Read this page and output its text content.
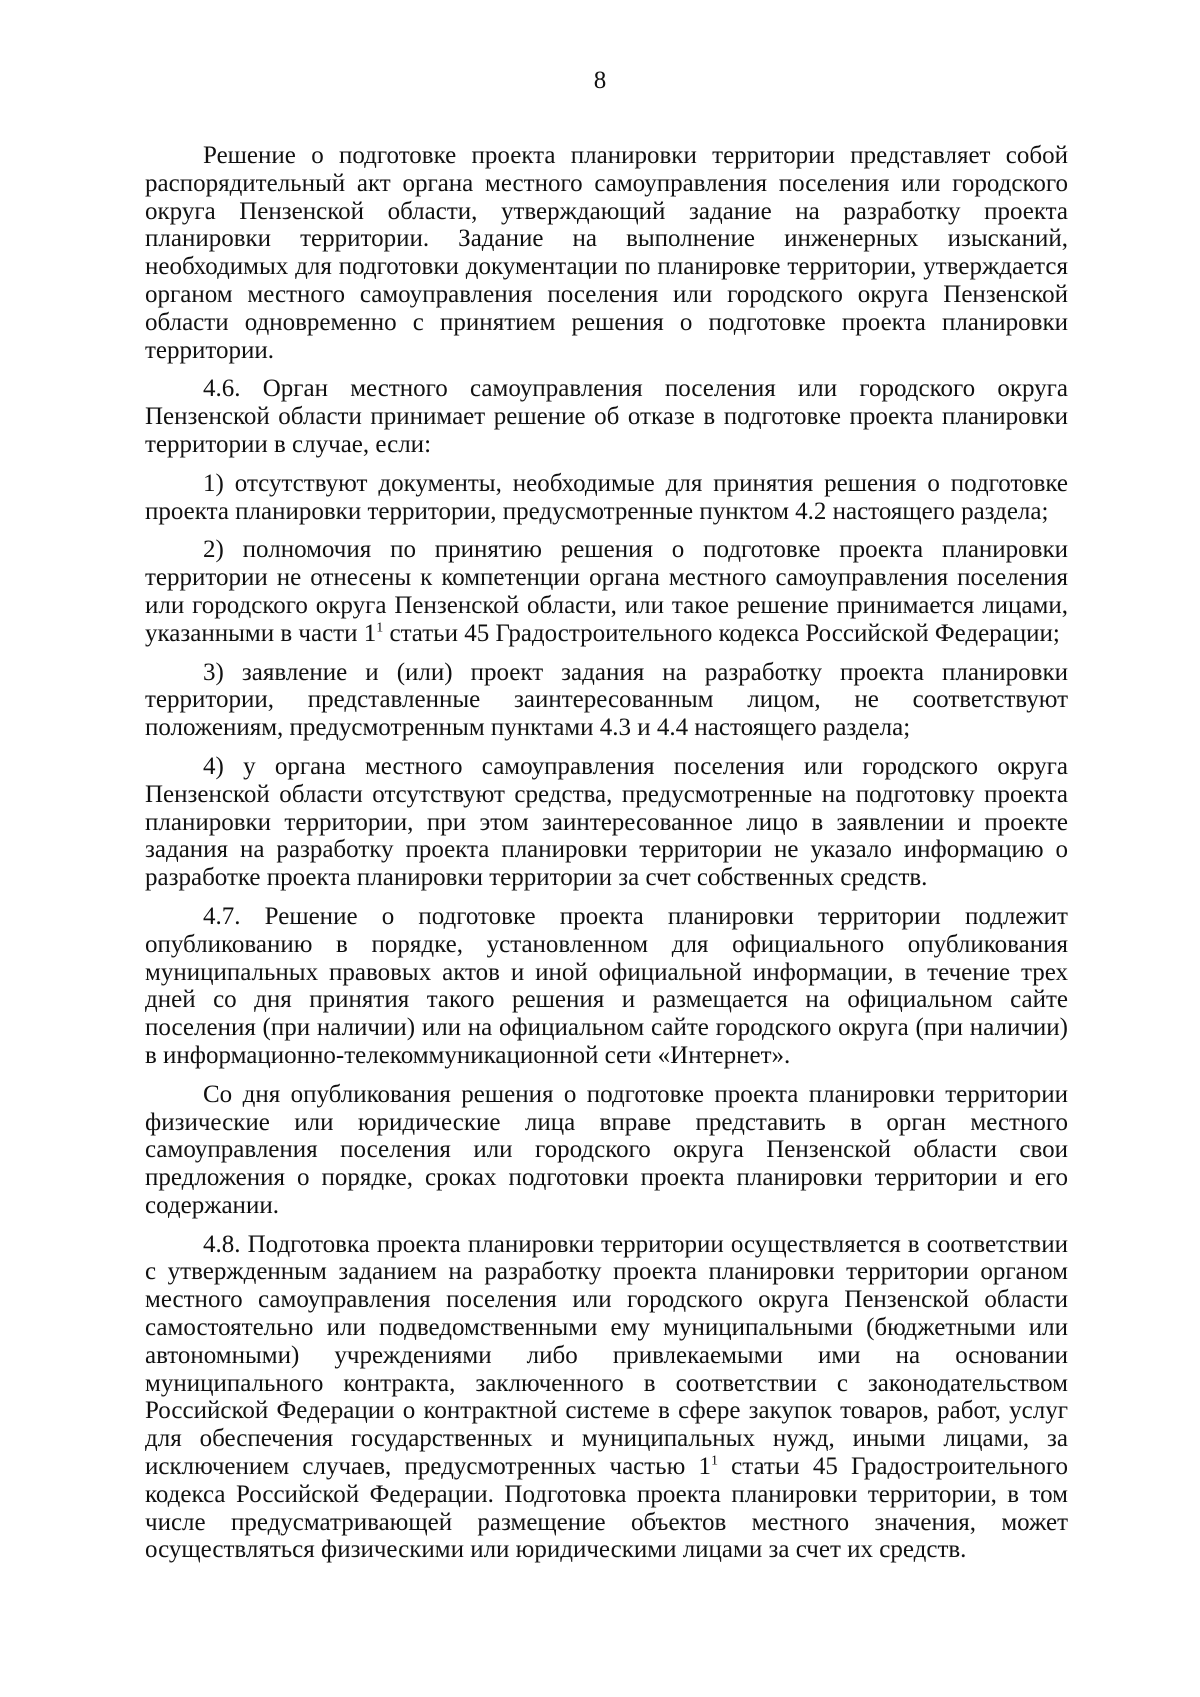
8

Решение о подготовке проекта планировки территории представляет собой распорядительный акт органа местного самоуправления поселения или городского округа Пензенской области, утверждающий задание на разработку проекта планировки территории. Задание на выполнение инженерных изысканий, необходимых для подготовки документации по планировке территории, утверждается органом местного самоуправления поселения или городского округа Пензенской области одновременно с принятием решения о подготовке проекта планировки территории.

4.6. Орган местного самоуправления поселения или городского округа Пензенской области принимает решение об отказе в подготовке проекта планировки территории в случае, если:

1) отсутствуют документы, необходимые для принятия решения о подготовке проекта планировки территории, предусмотренные пунктом 4.2 настоящего раздела;

2) полномочия по принятию решения о подготовке проекта планировки территории не отнесены к компетенции органа местного самоуправления поселения или городского округа Пензенской области, или такое решение принимается лицами, указанными в части $1^1$ статьи 45 Градостроительного кодекса Российской Федерации;

3) заявление и (или) проект задания на разработку проекта планировки территории, представленные заинтересованным лицом, не соответствуют положениям, предусмотренным пунктами 4.3 и 4.4 настоящего раздела;

4) у органа местного самоуправления поселения или городского округа Пензенской области отсутствуют средства, предусмотренные на подготовку проекта планировки территории, при этом заинтересованное лицо в заявлении и проекте задания на разработку проекта планировки территории не указало информацию о разработке проекта планировки территории за счет собственных средств.

4.7. Решение о подготовке проекта планировки территории подлежит опубликованию в порядке, установленном для официального опубликования муниципальных правовых актов и иной официальной информации, в течение трех дней со дня принятия такого решения и размещается на официальном сайте поселения (при наличии) или на официальном сайте городского округа (при наличии) в информационно-телекоммуникационной сети «Интернет».

Со дня опубликования решения о подготовке проекта планировки территории физические или юридические лица вправе представить в орган местного самоуправления поселения или городского округа Пензенской области свои предложения о порядке, сроках подготовки проекта планировки территории и его содержании.

4.8. Подготовка проекта планировки территории осуществляется в соответствии с утвержденным заданием на разработку проекта планировки территории органом местного самоуправления поселения или городского округа Пензенской области самостоятельно или подведомственными ему муниципальными (бюджетными или автономными) учреждениями либо привлекаемыми ими на основании муниципального контракта, заключенного в соответствии с законодательством Российской Федерации о контрактной системе в сфере закупок товаров, работ, услуг для обеспечения государственных и муниципальных нужд, иными лицами, за исключением случаев, предусмотренных частью $1^1$ статьи 45 Градостроительного кодекса Российской Федерации. Подготовка проекта планировки территории, в том числе предусматривающей размещение объектов местного значения, может осуществляться физическими или юридическими лицами за счет их средств.
